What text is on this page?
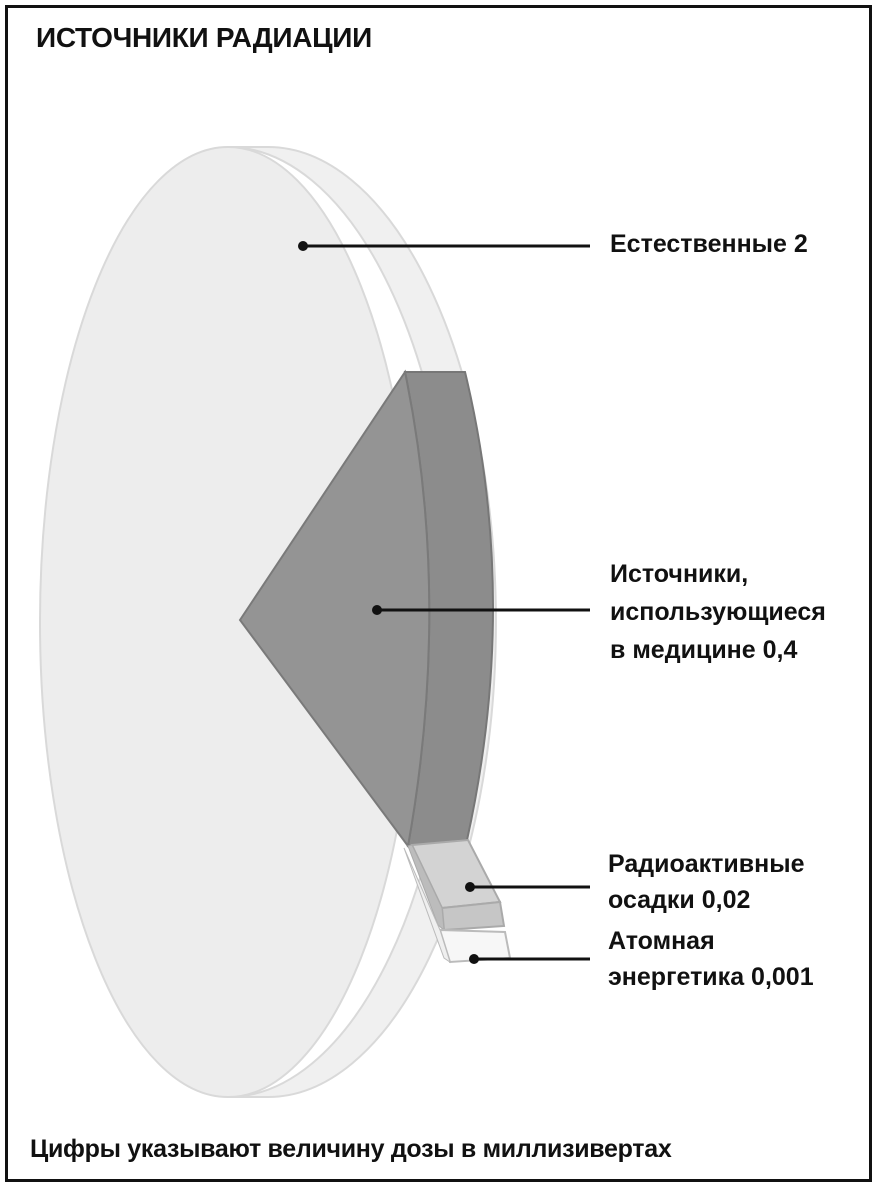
ИСТОЧНИКИ РАДИАЦИИ
Цифры указывают величину дозы в миллизивертах
Естественные 2
Источники,
использующиеся
в медицине 0,4
Радиоактивные
осадки 0,02
Атомная
энергетика 0,001
